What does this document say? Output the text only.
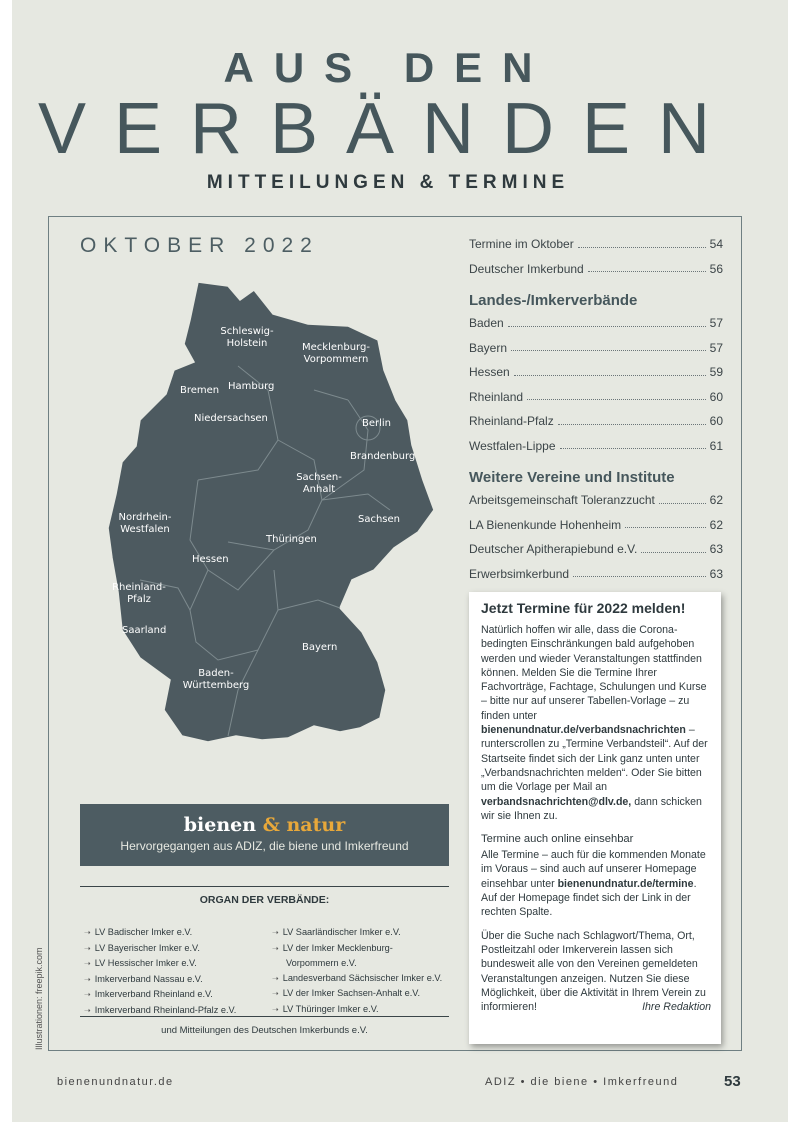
AUS DEN
VERBÄNDEN
MITTEILUNGEN & TERMINE
OKTOBER 2022
Schleswig-Holstein	Mecklenburg-Vorpommern
Bremen Hamburg
Niedersachsen	Berlin
Brandenburg
Sachsen-Anhalt
Sachsen
Nordrhein-Westfalen
Thüringen
Hessen
Rheinland-Pfalz
Saarland
Bayern
Baden-Württemberg
Termine im Oktober	54
Deutscher Imkerbund	56
Landes-/Imkerverbände
Baden	57
Bayern	57
Hessen	59
Rheinland	60
Rheinland-Pfalz	60
Westfalen-Lippe	61
Weitere Vereine und Institute
Arbeitsgemeinschaft Toleranzzucht	62
LA Bienenkunde Hohenheim	62
Deutscher Apitherapiebund e.V.	63
Erwerbsimkerbund	63
bienen & natur
Hervorgegangen aus ADIZ, die biene und Imkerfreund
ORGAN DER VERBÄNDE:
➝ LV Badischer Imker e.V.
➝ LV Bayerischer Imker e.V.
➝ LV Hessischer Imker e.V.
➝ Imkerverband Nassau e.V.
➝ Imkerverband Rheinland e.V.
➝ Imkerverband Rheinland-Pfalz e.V.
➝ LV Saarländischer Imker e.V.
➝ LV der Imker Mecklenburg-
Vorpommern e.V.
➝ Landesverband Sächsischer Imker e.V.
➝ LV der Imker Sachsen-Anhalt e.V.
➝ LV Thüringer Imker e.V.
und Mitteilungen des Deutschen Imkerbunds e.V.
Illustrationen: freepik.com
Jetzt Termine für 2022 melden!

Natürlich hoffen wir alle, dass die Corona-bedingten Einschränkungen bald aufgehoben werden und wieder Veranstaltungen stattfinden können. Melden Sie die Termine Ihrer Fachvorträge, Fachtage, Schulungen und Kurse – bitte nur auf unserer Tabellen-Vorlage – zu finden unter bienenundnatur.de/verbandsnachrichten – runterscrollen zu „Termine Verbandsteil“. Auf der Startseite findet sich der Link ganz unten unter „Verbandsnachrichten melden“. Oder Sie bitten um die Vorlage per Mail an verbandsnachrichten@dlv.de, dann schicken wir sie Ihnen zu.

Termine auch online einsehbar

Alle Termine – auch für die kommenden Monate im Voraus – sind auch auf unserer Homepage einsehbar unter bienenundnatur.de/termine. Auf der Homepage findet sich der Link in der rechten Spalte.

Über die Suche nach Schlagwort/Thema, Ort, Postleitzahl oder Imkerverein lassen sich bundesweit alle von den Vereinen gemeldeten Veranstaltungen anzeigen. Nutzen Sie diese Möglichkeit, über die Aktivität in Ihrem Verein zu informieren!	Ihre Redaktion

bienenundnatur.de	ADIZ • die biene • Imkerfreund	53
